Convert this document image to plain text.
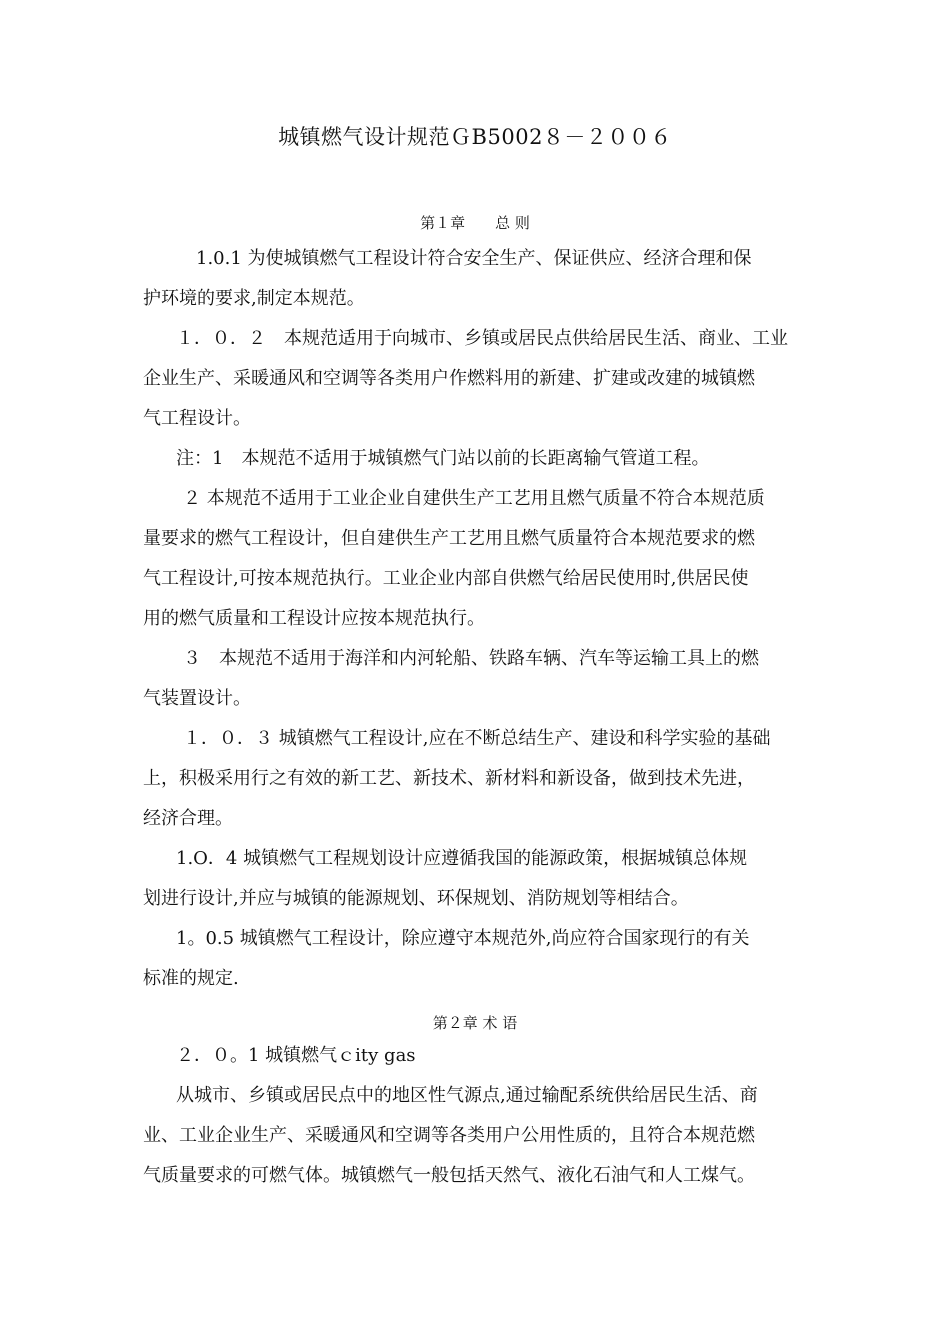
城镇燃气设计规范ＧB5002８－２００６
第１章　　总 则
1.0.1 为使城镇燃气工程设计符合安全生产、保证供应、经济合理和保
护环境的要求,制定本规范。
１．０．２　本规范适用于向城市、乡镇或居民点供给居民生活、商业、工业
企业生产、采暖通风和空调等各类用户作燃料用的新建、扩建或改建的城镇燃
气工程设计。
注：1　本规范不适用于城镇燃气门站以前的长距离输气管道工程。
２ 本规范不适用于工业企业自建供生产工艺用且燃气质量不符合本规范质
量要求的燃气工程设计，但自建供生产工艺用且燃气质量符合本规范要求的燃
气工程设计,可按本规范执行。工业企业内部自供燃气给居民使用时,供居民使
用的燃气质量和工程设计应按本规范执行。
３　本规范不适用于海洋和内河轮船、铁路车辆、汽车等运输工具上的燃
气装置设计。
１．０．３ 城镇燃气工程设计,应在不断总结生产、建设和科学实验的基础
上，积极采用行之有效的新工艺、新技术、新材料和新设备，做到技术先进，
经济合理。
1.O．4 城镇燃气工程规划设计应遵循我国的能源政策，根据城镇总体规
划进行设计,并应与城镇的能源规划、环保规划、消防规划等相结合。
1。0.5 城镇燃气工程设计，除应遵守本规范外,尚应符合国家现行的有关
标准的规定.
第２章 术 语
２．０。1 城镇燃气ｃity gas
从城市、乡镇或居民点中的地区性气源点,通过输配系统供给居民生活、商
业、工业企业生产、采暖通风和空调等各类用户公用性质的，且符合本规范燃
气质量要求的可燃气体。城镇燃气一般包括天然气、液化石油气和人工煤气。
